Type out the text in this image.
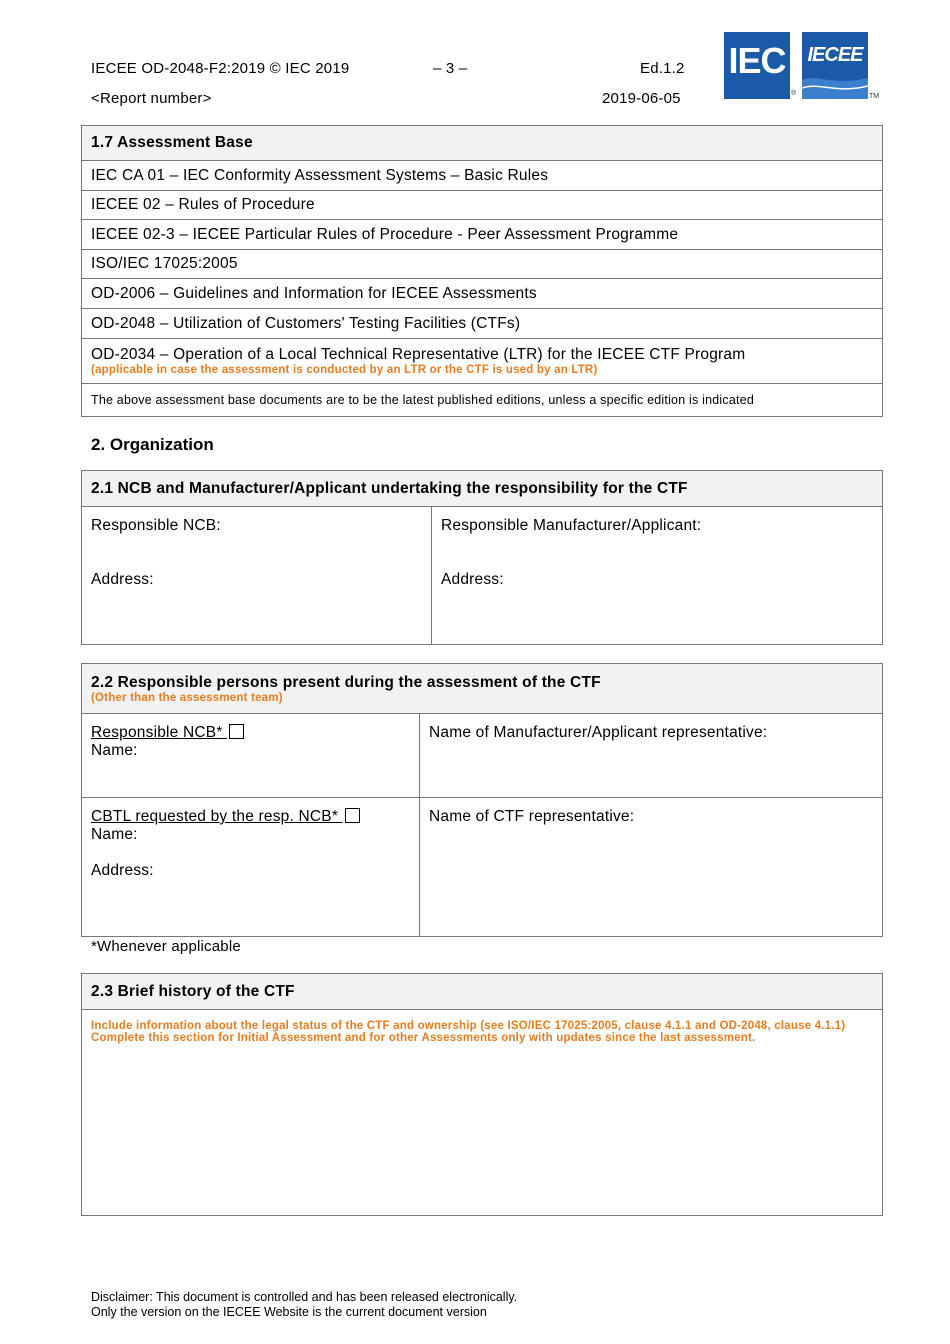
IECEE OD-2048-F2:2019 © IEC 2019	– 3 –	Ed.1.2
<Report number>	2019-06-05
IEC
®
IECEE
TM
1.7 Assessment Base
IEC CA 01 – IEC Conformity Assessment Systems – Basic Rules
IECEE 02 – Rules of Procedure
IECEE 02-3 – IECEE Particular Rules of Procedure - Peer Assessment Programme
ISO/IEC 17025:2005
OD-2006 – Guidelines and Information for IECEE Assessments
OD-2048 – Utilization of Customers' Testing Facilities (CTFs)

OD-2034 – Operation of a Local Technical Representative (LTR) for the IECEE CTF Program
(applicable in case the assessment is conducted by an LTR or the CTF is used by an LTR)

The above assessment base documents are to be the latest published editions, unless a specific edition is indicated
2. Organization
2.1 NCB and Manufacturer/Applicant undertaking the responsibility for the CTF

Responsible NCB:
Address:

Responsible Manufacturer/Applicant:
Address:
2.2 Responsible persons present during the assessment of the CTF
(Other than the assessment team)	

Responsible NCB*
Name:	Name of Manufacturer/Applicant representative:

CBTL requested by the resp. NCB*
Name:
Address:	Name of CTF representative:
*Whenever applicable
2.3 Brief history of the CTF

Include information about the legal status of the CTF and ownership (see ISO/IEC 17025:2005, clause 4.1.1 and OD-2048, clause 4.1.1)
Complete this section for Initial Assessment and for other Assessments only with updates since the last assessment.
Disclaimer: This document is controlled and has been released electronically.
Only the version on the IECEE Website is the current document version
